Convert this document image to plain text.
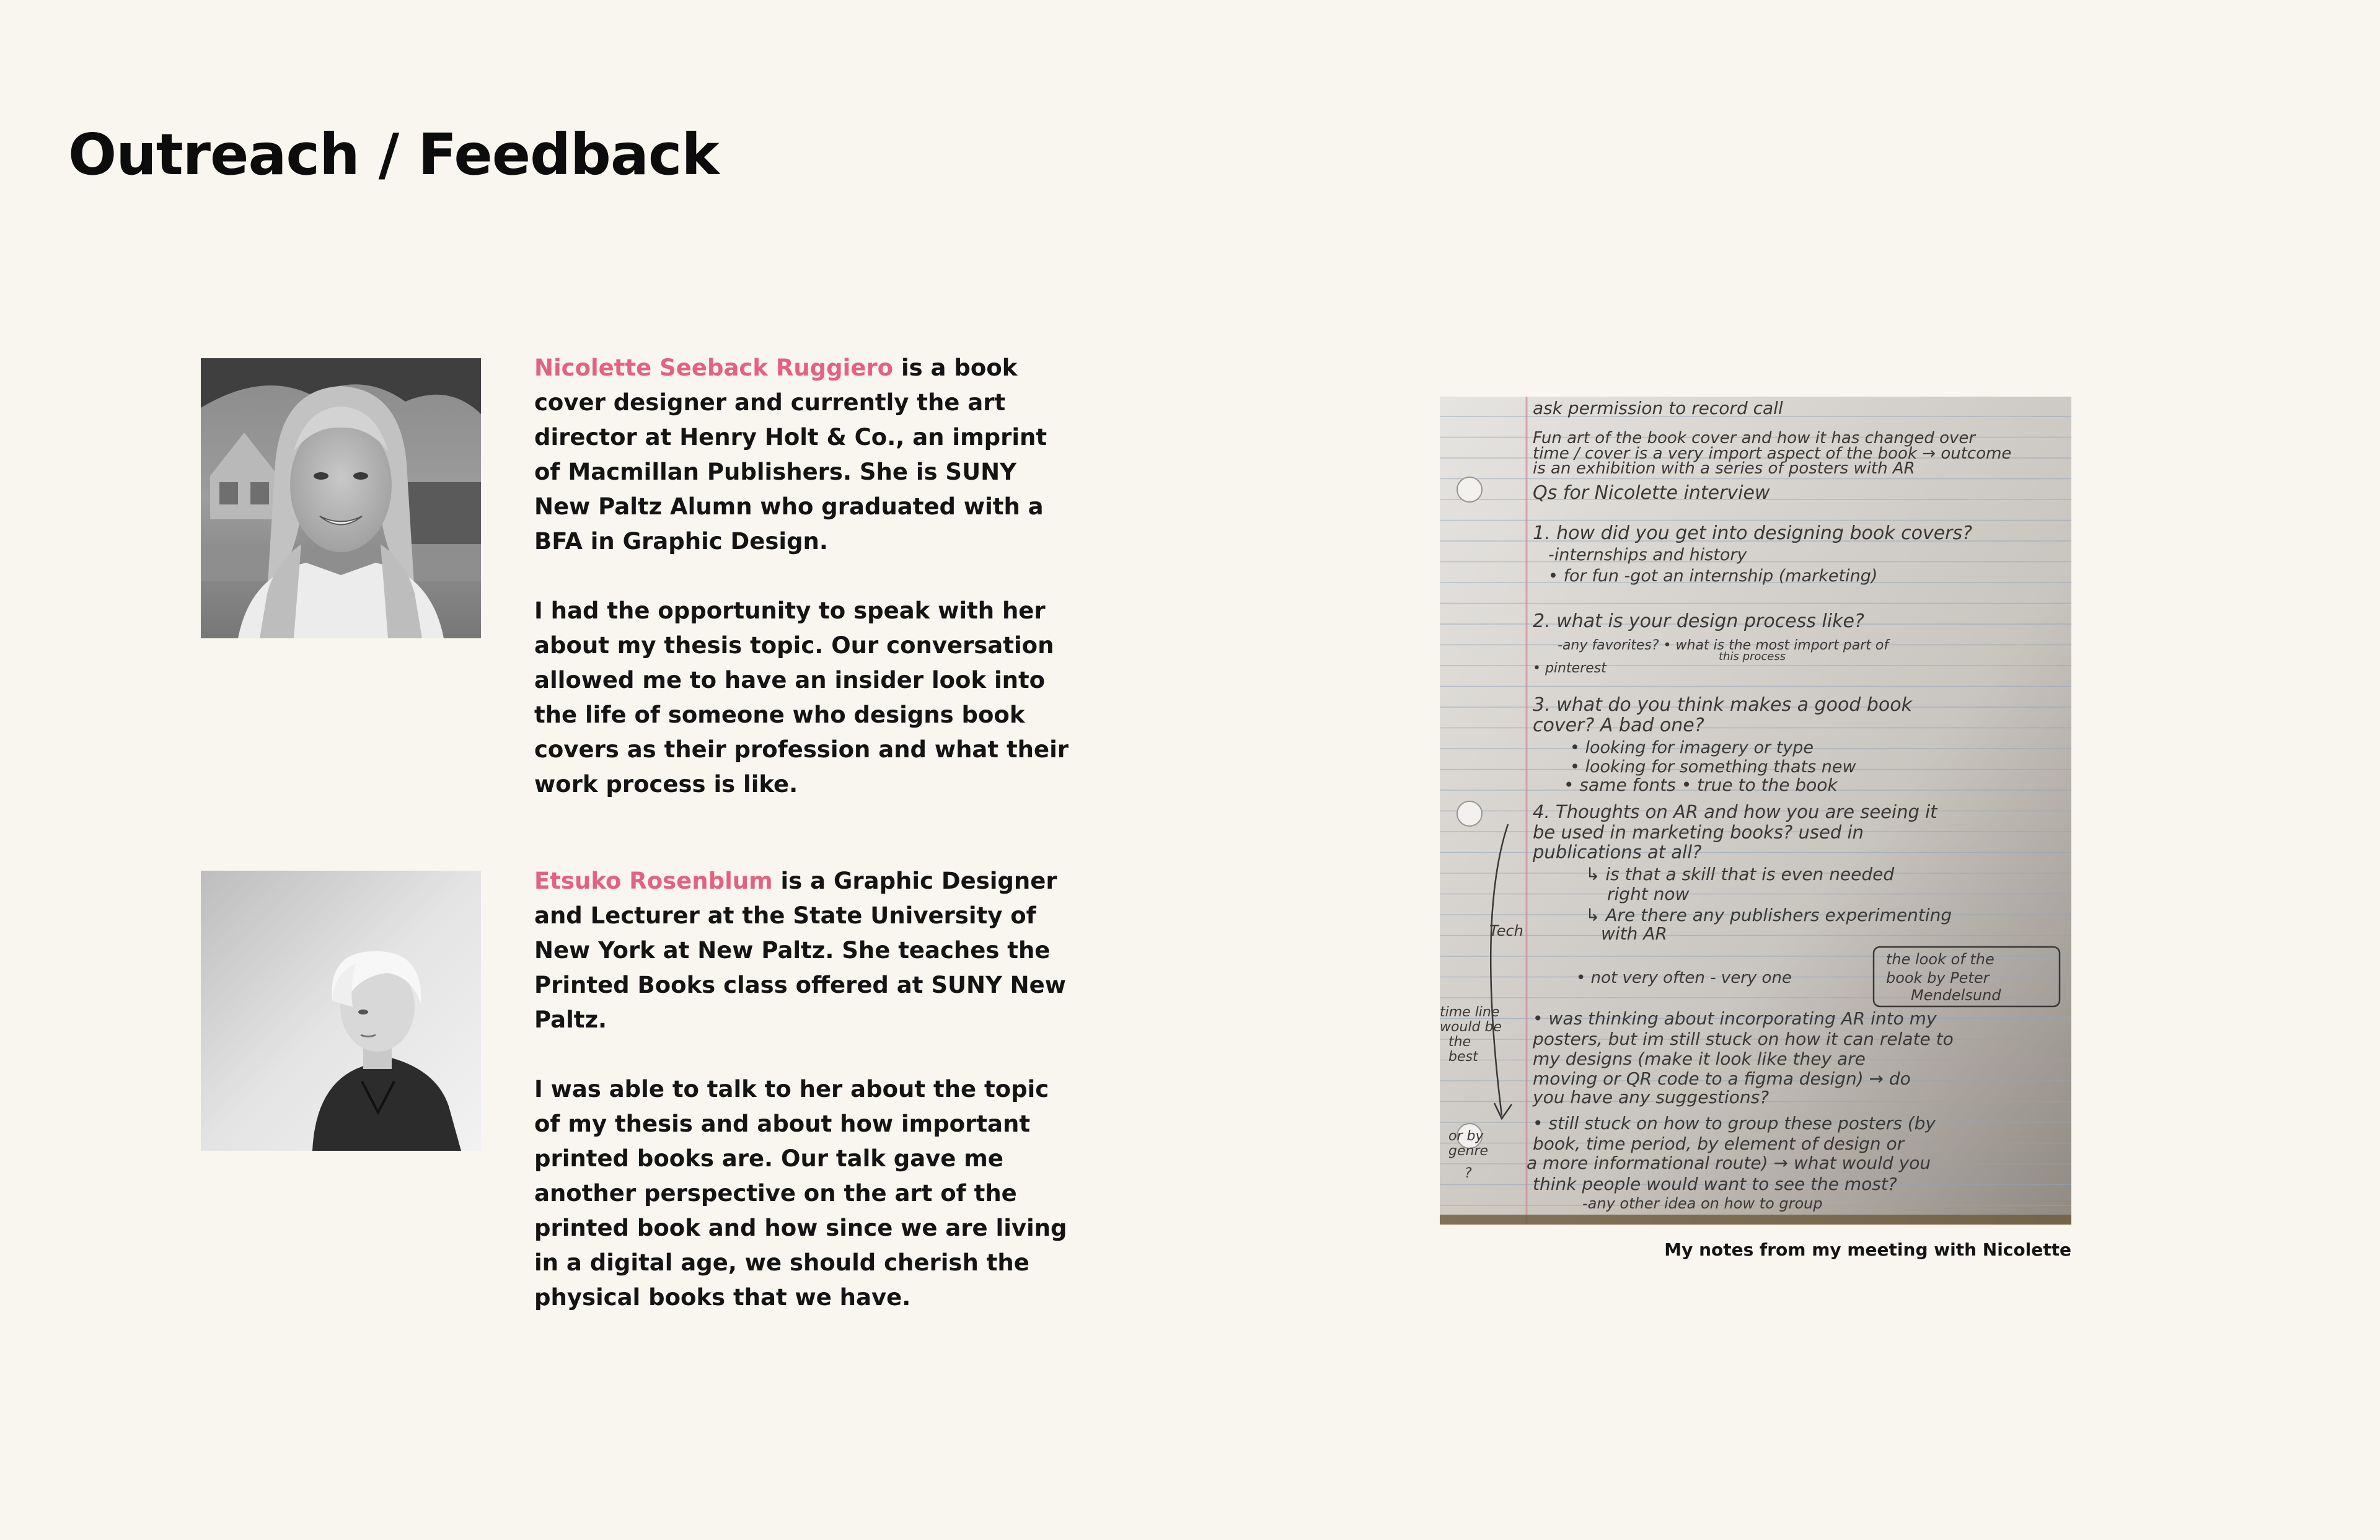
Outreach / Feedback

Nicolette Seeback Ruggiero is a book cover designer and currently the art director at Henry Holt & Co., an imprint of Macmillan Publishers. She is SUNY New Paltz Alumn who graduated with a BFA in Graphic Design.

I had the opportunity to speak with her about my thesis topic. Our conversation allowed me to have an insider look into the life of someone who designs book covers as their profession and what their work process is like.

Etsuko Rosenblum is a Graphic Designer and Lecturer at the State University of New York at New Paltz. She teaches the Printed Books class offered at SUNY New Paltz.

I was able to talk to her about the topic of my thesis and about how important printed books are. Our talk gave me another perspective on the art of the printed book and how since we are living in a digital age, we should cherish the physical books that we have.

ask permission to record call
Fun art of the book cover and how it has changed over
time / cover is a very import aspect of the book → outcome
is an exhibition with a series of posters with AR
Qs for Nicolette interview
1. how did you get into designing book covers?
-internships and history
• for fun -got an internship (marketing)
2. what is your design process like?
-any favorites? • what is the most import part of
this process
• pinterest
3. what do you think makes a good book
cover? A bad one?
• looking for imagery or type
• looking for something thats new
• same fonts • true to the book
4. Thoughts on AR and how you are seeing it
be used in marketing books? used in
publications at all?
↳ is that a skill that is even needed
right now
↳ Are there any publishers experimenting
with AR
• not very often - very one
the look of the
book by Peter
Mendelsund
• was thinking about incorporating AR into my
posters, but im still stuck on how it can relate to
my designs (make it look like they are
moving or QR code to a figma design) → do
you have any suggestions?
• still stuck on how to group these posters (by
book, time period, by element of design or
a more informational route) → what would you
think people would want to see the most?
-any other idea on how to group
Tech
time line
would be
the
best
or by
genre
?
My notes from my meeting with Nicolette
